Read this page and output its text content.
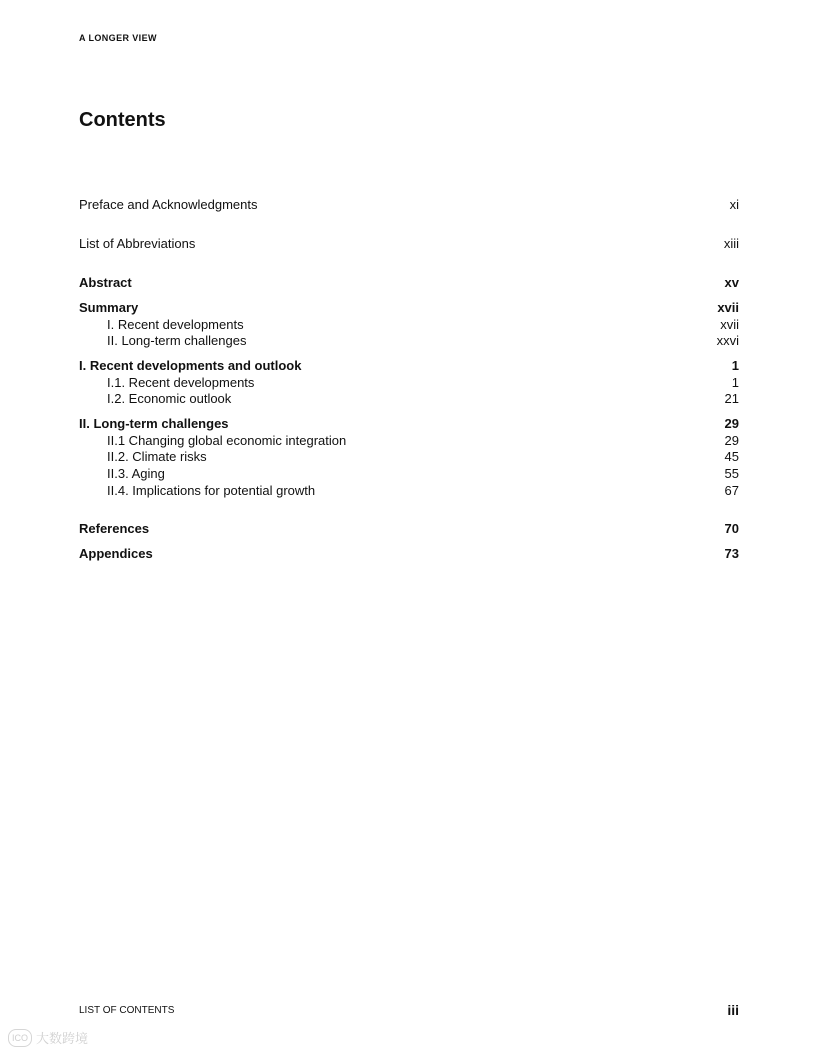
A LONGER VIEW
Contents
Preface and Acknowledgments	xi
List of Abbreviations	xiii
Abstract	xv
Summary	xvii
I. Recent developments	xvii
II. Long-term challenges	xxvi
I. Recent developments and outlook	1
I.1. Recent developments	1
I.2. Economic outlook	21
II. Long-term challenges	29
II.1 Changing global economic integration	29
II.2. Climate risks	45
II.3. Aging	55
II.4. Implications for potential growth	67
References	70
Appendices	73
LIST OF CONTENTS	iii
ICO 大数跨境
